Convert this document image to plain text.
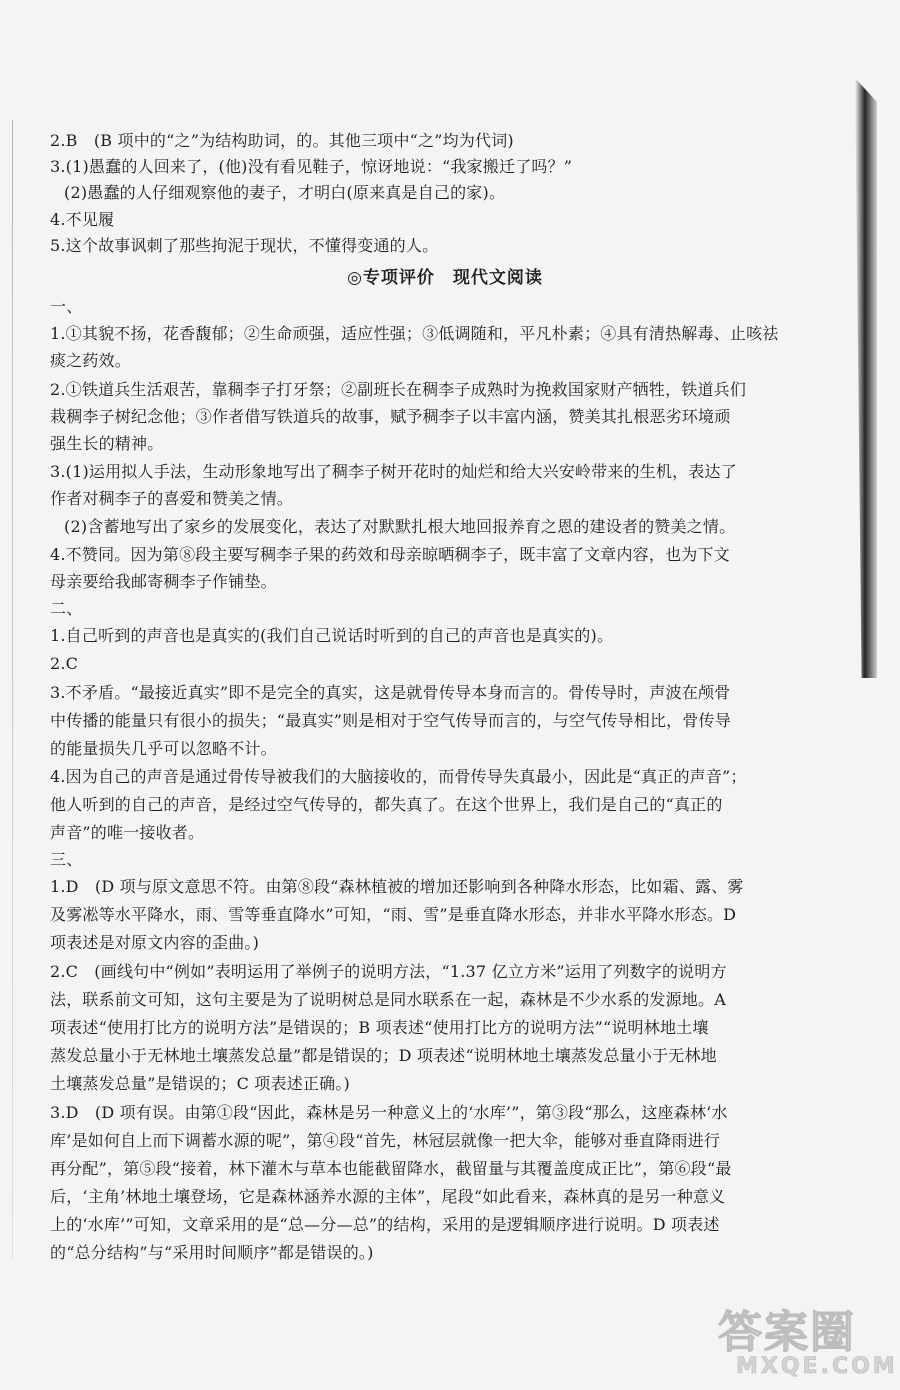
2.B　(B 项中的“之”为结构助词，的。其他三项中“之”均为代词)
3.(1)愚蠢的人回来了，(他)没有看见鞋子，惊讶地说：“我家搬迁了吗？”
(2)愚蠢的人仔细观察他的妻子，才明白(原来真是自己的家)。
4.不见履
5.这个故事讽刺了那些拘泥于现状，不懂得变通的人。
◎专项评价　现代文阅读
一、
1.①其貌不扬，花香馥郁；②生命顽强，适应性强；③低调随和，平凡朴素；④具有清热解毒、止咳祛
痰之药效。
2.①铁道兵生活艰苦，靠稠李子打牙祭；②副班长在稠李子成熟时为挽救国家财产牺牲，铁道兵们
栽稠李子树纪念他；③作者借写铁道兵的故事，赋予稠李子以丰富内涵，赞美其扎根恶劣环境顽
强生长的精神。
3.(1)运用拟人手法，生动形象地写出了稠李子树开花时的灿烂和给大兴安岭带来的生机，表达了
作者对稠李子的喜爱和赞美之情。
(2)含蓄地写出了家乡的发展变化，表达了对默默扎根大地回报养育之恩的建设者的赞美之情。
4.不赞同。因为第⑧段主要写稠李子果的药效和母亲晾晒稠李子，既丰富了文章内容，也为下文
母亲要给我邮寄稠李子作铺垫。
二、
1.自己听到的声音也是真实的(我们自己说话时听到的自己的声音也是真实的)。
2.C
3.不矛盾。“最接近真实”即不是完全的真实，这是就骨传导本身而言的。骨传导时，声波在颅骨
中传播的能量只有很小的损失；“最真实”则是相对于空气传导而言的，与空气传导相比，骨传导
的能量损失几乎可以忽略不计。
4.因为自己的声音是通过骨传导被我们的大脑接收的，而骨传导失真最小，因此是“真正的声音”；
他人听到的自己的声音，是经过空气传导的，都失真了。在这个世界上，我们是自己的“真正的
声音”的唯一接收者。
三、
1.D　(D 项与原文意思不符。由第⑧段“森林植被的增加还影响到各种降水形态，比如霜、露、雾
及雾凇等水平降水，雨、雪等垂直降水”可知，“雨、雪”是垂直降水形态，并非水平降水形态。D
项表述是对原文内容的歪曲。)
2.C　(画线句中“例如”表明运用了举例子的说明方法，“1.37 亿立方米”运用了列数字的说明方
法，联系前文可知，这句主要是为了说明树总是同水联系在一起，森林是不少水系的发源地。A
项表述“使用打比方的说明方法”是错误的；B 项表述“使用打比方的说明方法”“说明林地土壤
蒸发总量小于无林地土壤蒸发总量”都是错误的；D 项表述“说明林地土壤蒸发总量小于无林地
土壤蒸发总量”是错误的；C 项表述正确。)
3.D　(D 项有误。由第①段“因此，森林是另一种意义上的‘水库’”，第③段“那么，这座森林‘水
库’是如何自上而下调蓄水源的呢”，第④段“首先，林冠层就像一把大伞，能够对垂直降雨进行
再分配”，第⑤段“接着，林下灌木与草本也能截留降水，截留量与其覆盖度成正比”，第⑥段“最
后，‘主角’林地土壤登场，它是森林涵养水源的主体”，尾段“如此看来，森林真的是另一种意义
上的‘水库’”可知，文章采用的是“总—分—总”的结构，采用的是逻辑顺序进行说明。D 项表述
的“总分结构”与“采用时间顺序”都是错误的。)
答案圈
MXQE.COM
